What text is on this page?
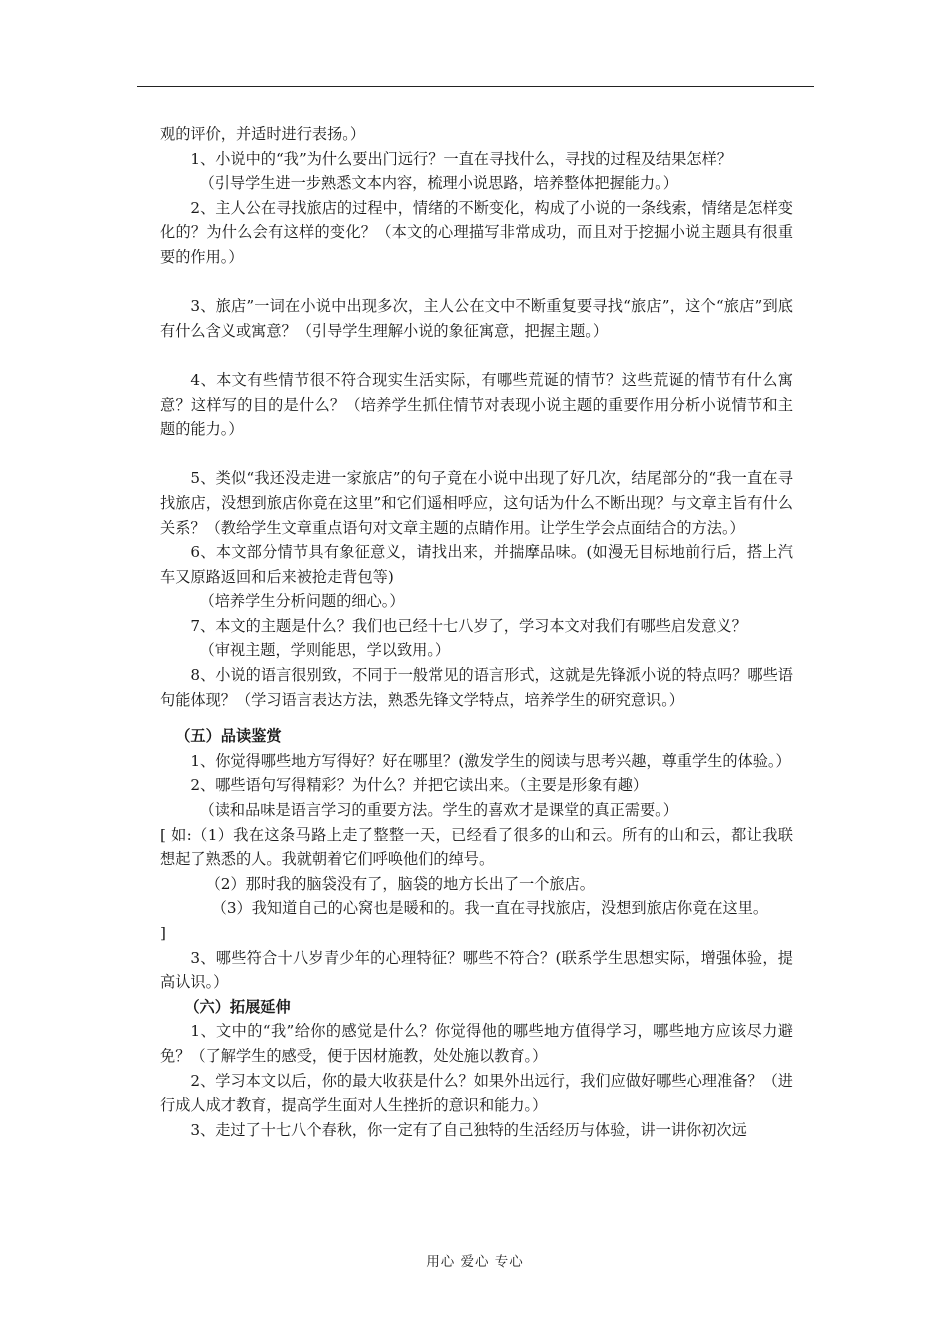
观的评价，并适时进行表扬。）

1、小说中的“我”为什么要出门远行？一直在寻找什么，寻找的过程及结果怎样？

（引导学生进一步熟悉文本内容，梳理小说思路，培养整体把握能力。）

2、主人公在寻找旅店的过程中，情绪的不断变化，构成了小说的一条线索，情绪是怎样变化的？为什么会有这样的变化？（本文的心理描写非常成功，而且对于挖掘小说主题具有很重要的作用。）

3、旅店”一词在小说中出现多次，主人公在文中不断重复要寻找“旅店”，这个“旅店”到底有什么含义或寓意？（引导学生理解小说的象征寓意，把握主题。）

4、本文有些情节很不符合现实生活实际，有哪些荒诞的情节？这些荒诞的情节有什么寓意？这样写的目的是什么？（培养学生抓住情节对表现小说主题的重要作用分析小说情节和主题的能力。）

5、类似“我还没走进一家旅店”的句子竟在小说中出现了好几次，结尾部分的“我一直在寻找旅店，没想到旅店你竟在这里”和它们遥相呼应，这句话为什么不断出现？与文章主旨有什么关系？（教给学生文章重点语句对文章主题的点睛作用。让学生学会点面结合的方法。）

6、本文部分情节具有象征意义，请找出来，并揣摩品味。(如漫无目标地前行后，搭上汽车又原路返回和后来被抢走背包等)

（培养学生分析问题的细心。）

7、本文的主题是什么？我们也已经十七八岁了，学习本文对我们有哪些启发意义？

（审视主题，学则能思，学以致用。）

8、小说的语言很别致，不同于一般常见的语言形式，这就是先锋派小说的特点吗？哪些语句能体现？（学习语言表达方法，熟悉先锋文学特点，培养学生的研究意识。）

（五）品读鉴赏

1、你觉得哪些地方写得好？好在哪里？(激发学生的阅读与思考兴趣，尊重学生的体验。）

2、哪些语句写得精彩？为什么？并把它读出来。（主要是形象有趣）

（读和品味是语言学习的重要方法。学生的喜欢才是课堂的真正需要。）

[ 如:（1）我在这条马路上走了整整一天，已经看了很多的山和云。所有的山和云，都让我联想起了熟悉的人。我就朝着它们呼唤他们的绰号。

（2）那时我的脑袋没有了，脑袋的地方长出了一个旅店。

（3）我知道自己的心窝也是暖和的。我一直在寻找旅店，没想到旅店你竟在这里。

]

3、哪些符合十八岁青少年的心理特征？哪些不符合？(联系学生思想实际，增强体验，提高认识。）

（六）拓展延伸

1、文中的“我”给你的感觉是什么？你觉得他的哪些地方值得学习，哪些地方应该尽力避免？（了解学生的感受，便于因材施教，处处施以教育。）

2、学习本文以后，你的最大收获是什么？如果外出远行，我们应做好哪些心理准备？（进行成人成才教育，提高学生面对人生挫折的意识和能力。）

3、走过了十七八个春秋，你一定有了自己独特的生活经历与体验，讲一讲你初次远

用心 爱心 专心
